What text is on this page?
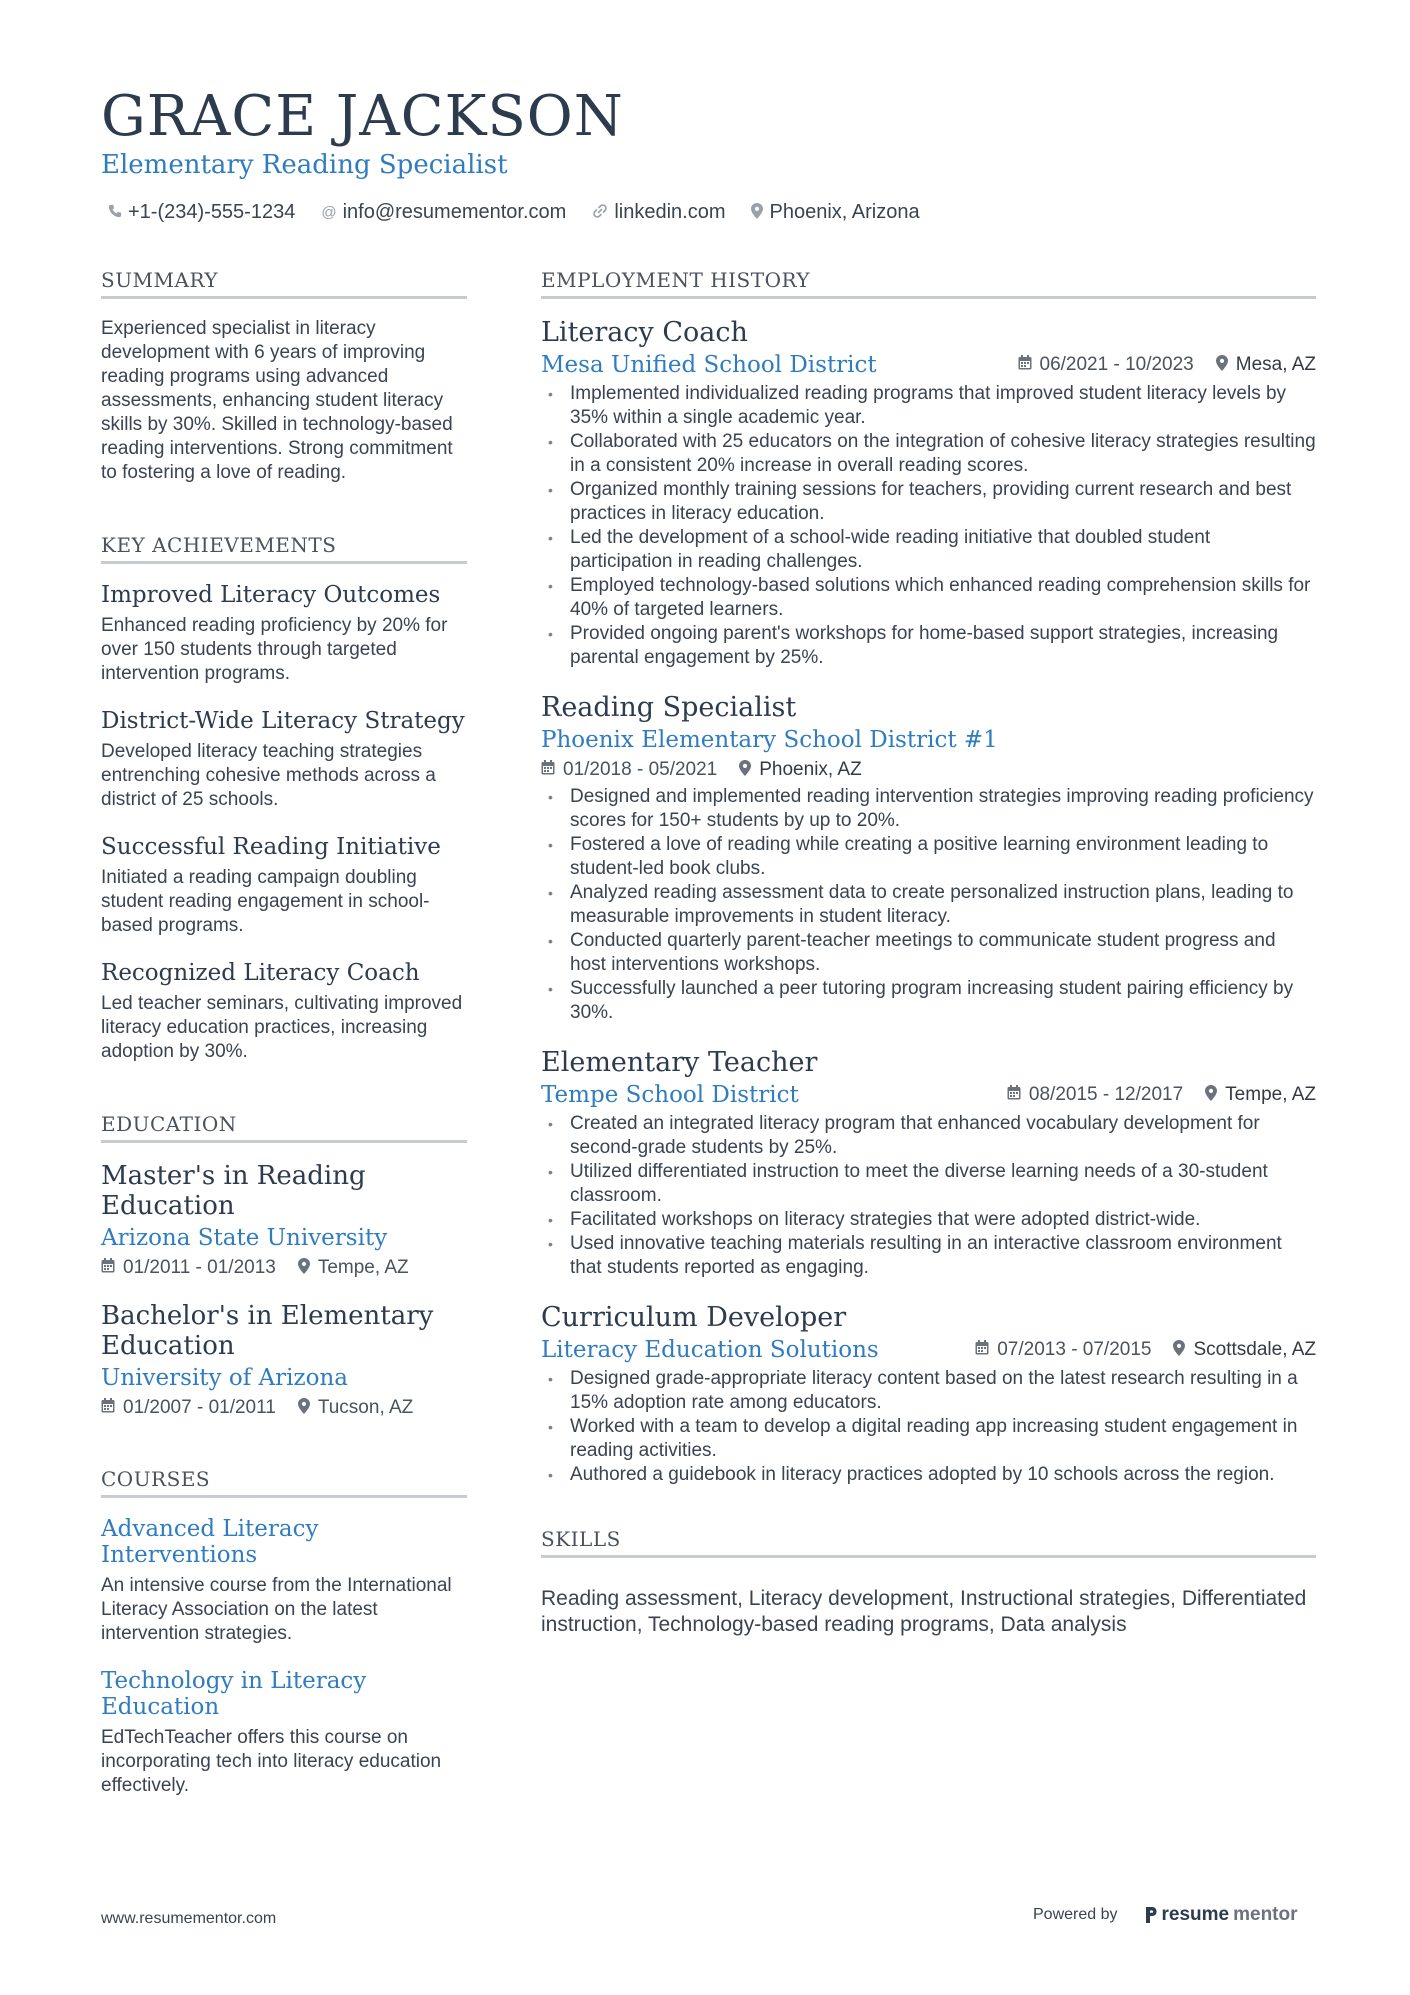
GRACE JACKSON
Elementary Reading Specialist
+1-(234)-555-1234 @ info@resumementor.com linkedin.com Phoenix, Arizona
SUMMARY
Experienced specialist in literacy development with 6 years of improving reading programs using advanced assessments, enhancing student literacy skills by 30%. Skilled in technology-based reading interventions. Strong commitment to fostering a love of reading.
KEY ACHIEVEMENTS
Improved Literacy Outcomes
Enhanced reading proficiency by 20% for over 150 students through targeted intervention programs.
District-Wide Literacy Strategy
Developed literacy teaching strategies entrenching cohesive methods across a district of 25 schools.
Successful Reading Initiative
Initiated a reading campaign doubling student reading engagement in school-based programs.
Recognized Literacy Coach
Led teacher seminars, cultivating improved literacy education practices, increasing adoption by 30%.
EDUCATION
Master's in Reading Education
Arizona State University
01/2011 - 01/2013 Tempe, AZ
Bachelor's in Elementary Education
University of Arizona
01/2007 - 01/2011 Tucson, AZ
COURSES
Advanced Literacy Interventions
An intensive course from the International Literacy Association on the latest intervention strategies.
Technology in Literacy Education
EdTechTeacher offers this course on incorporating tech into literacy education effectively.
EMPLOYMENT HISTORY
Literacy Coach
Mesa Unified School District	06/2021 - 10/2023 Mesa, AZ
• Implemented individualized reading programs that improved student literacy levels by 35% within a single academic year.
• Collaborated with 25 educators on the integration of cohesive literacy strategies resulting in a consistent 20% increase in overall reading scores.
• Organized monthly training sessions for teachers, providing current research and best practices in literacy education.
• Led the development of a school-wide reading initiative that doubled student participation in reading challenges.
• Employed technology-based solutions which enhanced reading comprehension skills for 40% of targeted learners.
• Provided ongoing parent's workshops for home-based support strategies, increasing parental engagement by 25%.
Reading Specialist
Phoenix Elementary School District #1
01/2018 - 05/2021 Phoenix, AZ
• Designed and implemented reading intervention strategies improving reading proficiency scores for 150+ students by up to 20%.
• Fostered a love of reading while creating a positive learning environment leading to student-led book clubs.
• Analyzed reading assessment data to create personalized instruction plans, leading to measurable improvements in student literacy.
• Conducted quarterly parent-teacher meetings to communicate student progress and host interventions workshops.
• Successfully launched a peer tutoring program increasing student pairing efficiency by 30%.
Elementary Teacher
Tempe School District	08/2015 - 12/2017 Tempe, AZ
• Created an integrated literacy program that enhanced vocabulary development for second-grade students by 25%.
• Utilized differentiated instruction to meet the diverse learning needs of a 30-student classroom.
• Facilitated workshops on literacy strategies that were adopted district-wide.
• Used innovative teaching materials resulting in an interactive classroom environment that students reported as engaging.
Curriculum Developer
Literacy Education Solutions	07/2013 - 07/2015 Scottsdale, AZ
• Designed grade-appropriate literacy content based on the latest research resulting in a 15% adoption rate among educators.
• Worked with a team to develop a digital reading app increasing student engagement in reading activities.
• Authored a guidebook in literacy practices adopted by 10 schools across the region.
SKILLS
Reading assessment, Literacy development, Instructional strategies, Differentiated instruction, Technology-based reading programs, Data analysis
www.resumementor.com	Powered by resume mentor
